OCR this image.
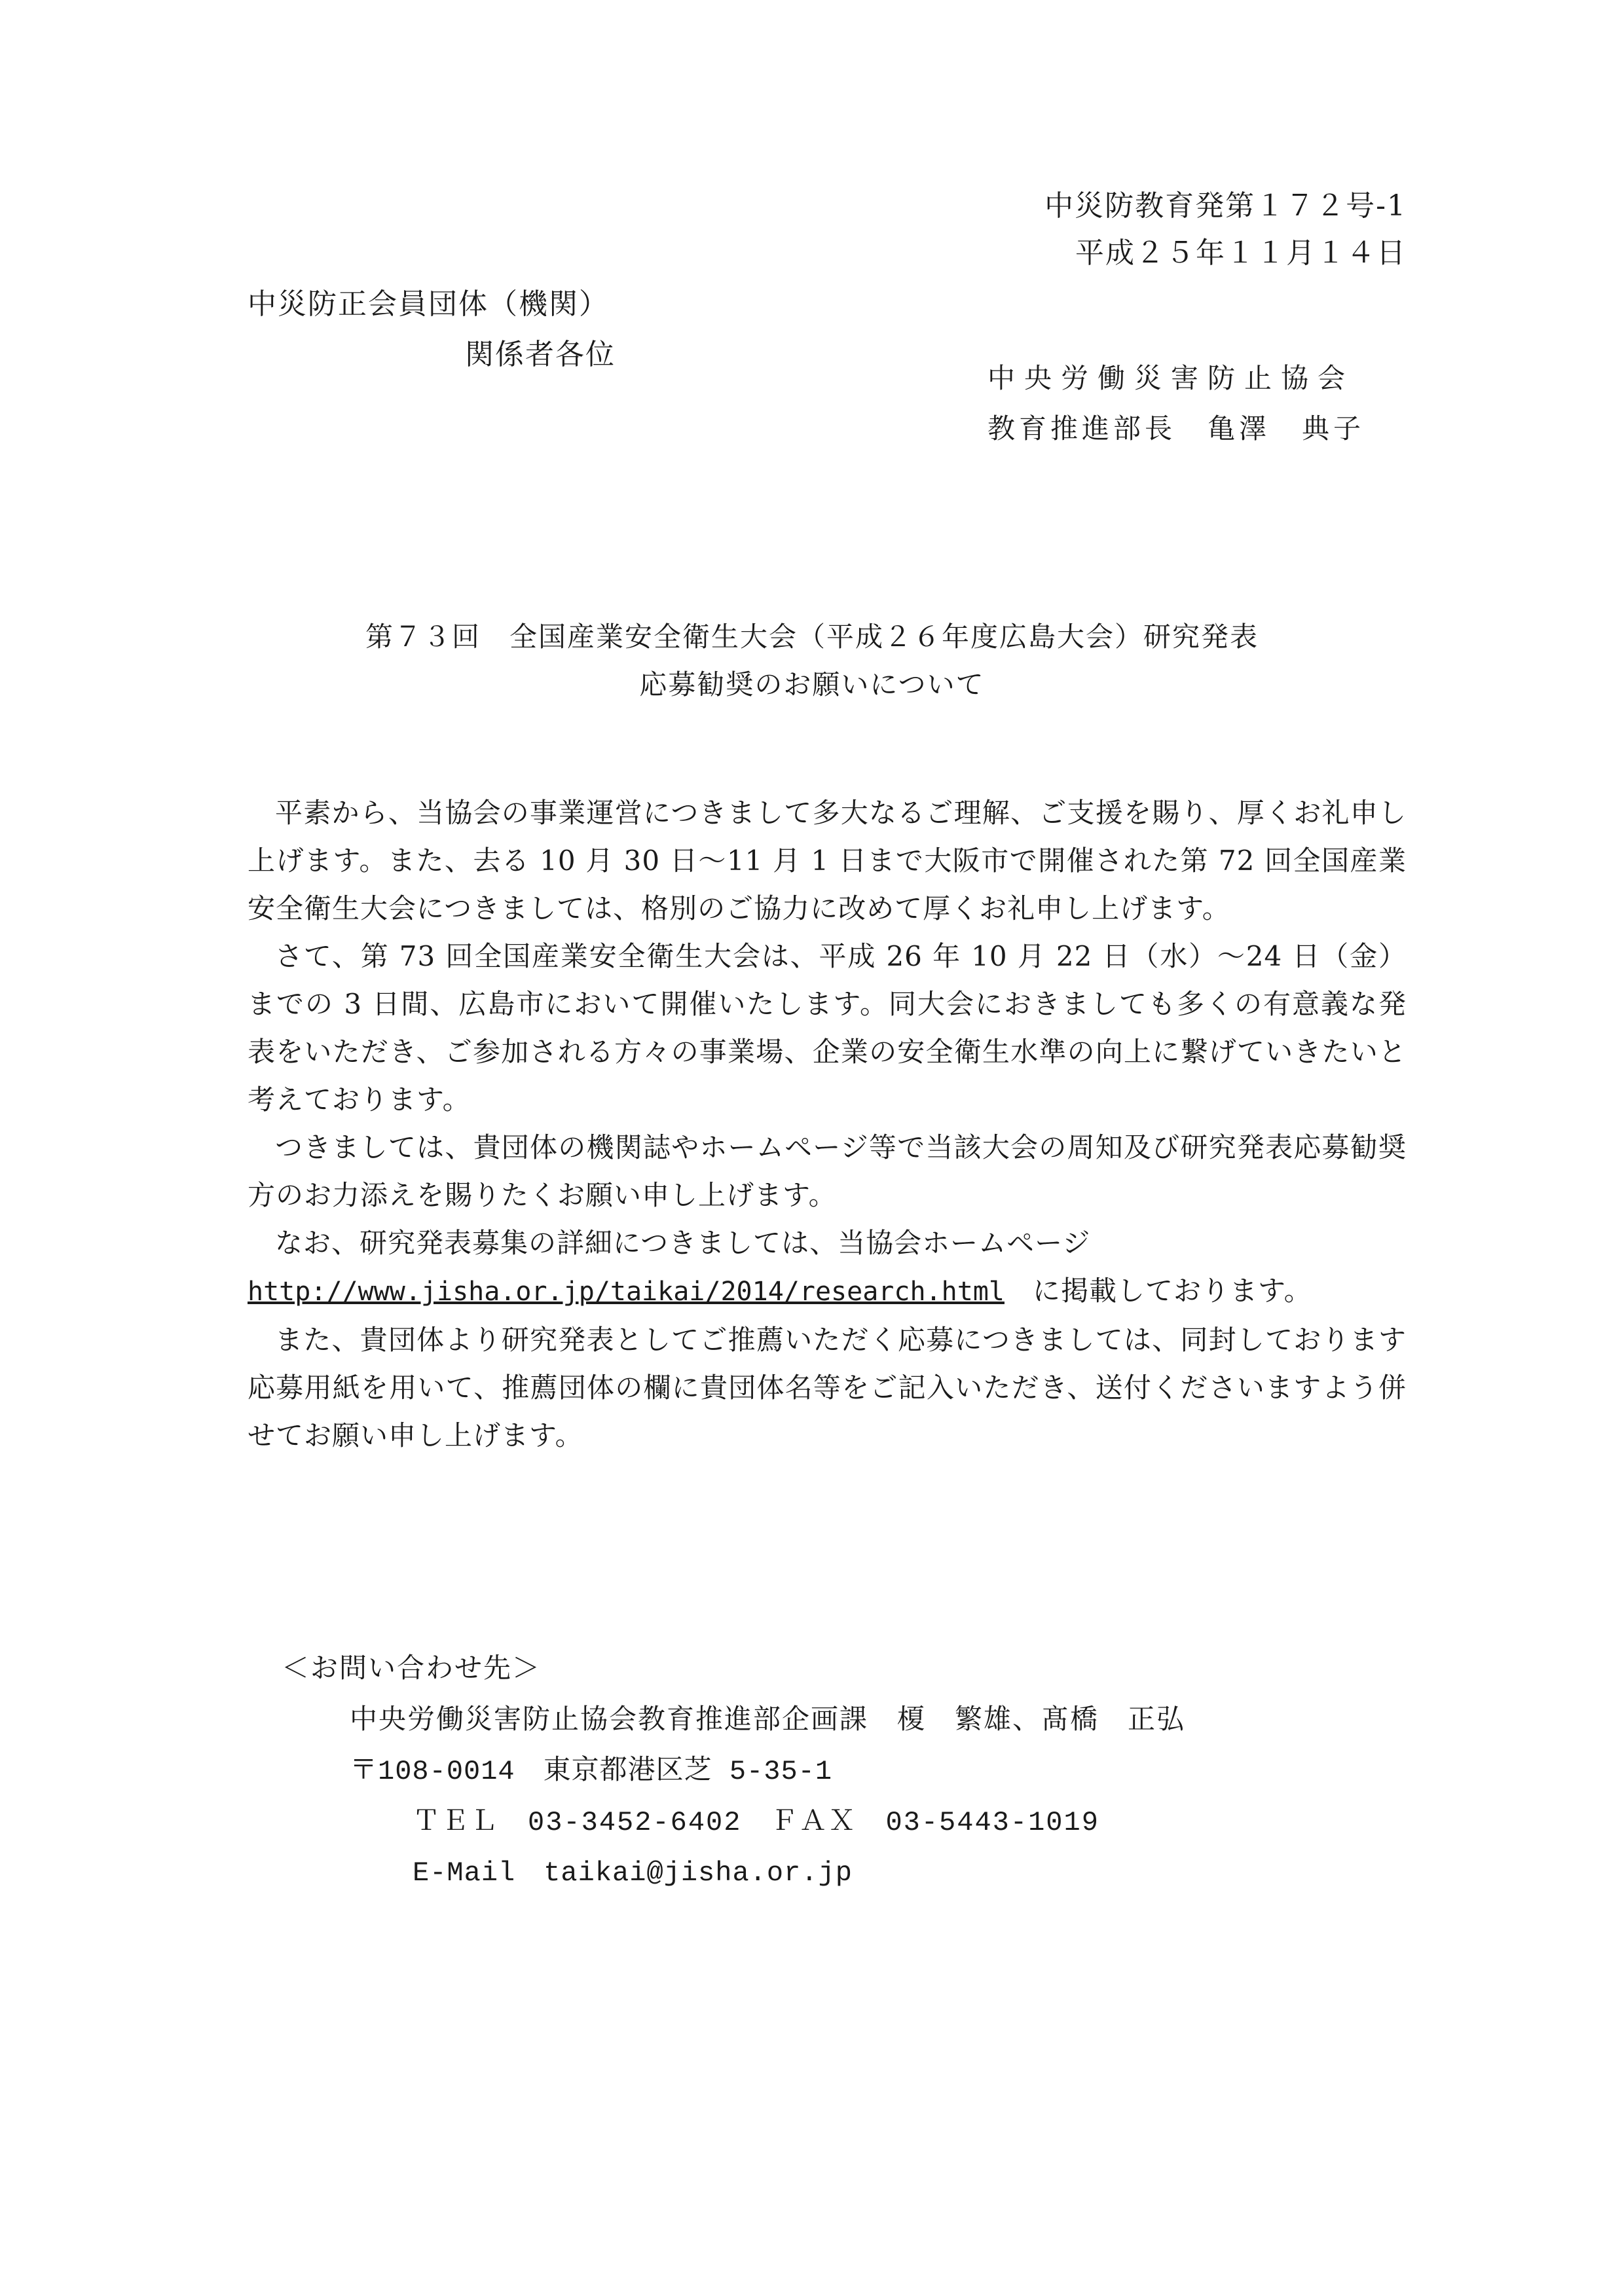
中災防教育発第１７２号-1
平成２５年１１月１４日
中災防正会員団体（機関）
関係者各位
中央労働災害防止協会
教育推進部長　亀澤　典子
第７３回　全国産業安全衛生大会（平成２６年度広島大会）研究発表
応募勧奨のお願いについて

平素から、当協会の事業運営につきまして多大なるご理解、ご支援を賜り、厚くお礼申し上げます。また、去る 10 月 30 日～11 月 1 日まで大阪市で開催された第 72 回全国産業安全衛生大会につきましては、格別のご協力に改めて厚くお礼申し上げます。

さて、第 73 回全国産業安全衛生大会は、平成 26 年 10 月 22 日（水）～24 日（金）までの 3 日間、広島市において開催いたします。同大会におきましても多くの有意義な発表をいただき、ご参加される方々の事業場、企業の安全衛生水準の向上に繋げていきたいと考えております。

つきましては、貴団体の機関誌やホームページ等で当該大会の周知及び研究発表応募勧奨方のお力添えを賜りたくお願い申し上げます。

なお、研究発表募集の詳細につきましては、当協会ホームページ
http://www.jisha.or.jp/taikai/2014/research.html　に掲載しております。

また、貴団体より研究発表としてご推薦いただく応募につきましては、同封しております応募用紙を用いて、推薦団体の欄に貴団体名等をご記入いただき、送付くださいますよう併せてお願い申し上げます。

＜お問い合わせ先＞
中央労働災害防止協会教育推進部企画課　榎　繁雄、髙橋　正弘
〒108-0014　東京都港区芝 5-35-1
ＴＥＬ　03-3452-6402　ＦＡＸ　03-5443-1019
E-Mail　taikai@jisha.or.jp
